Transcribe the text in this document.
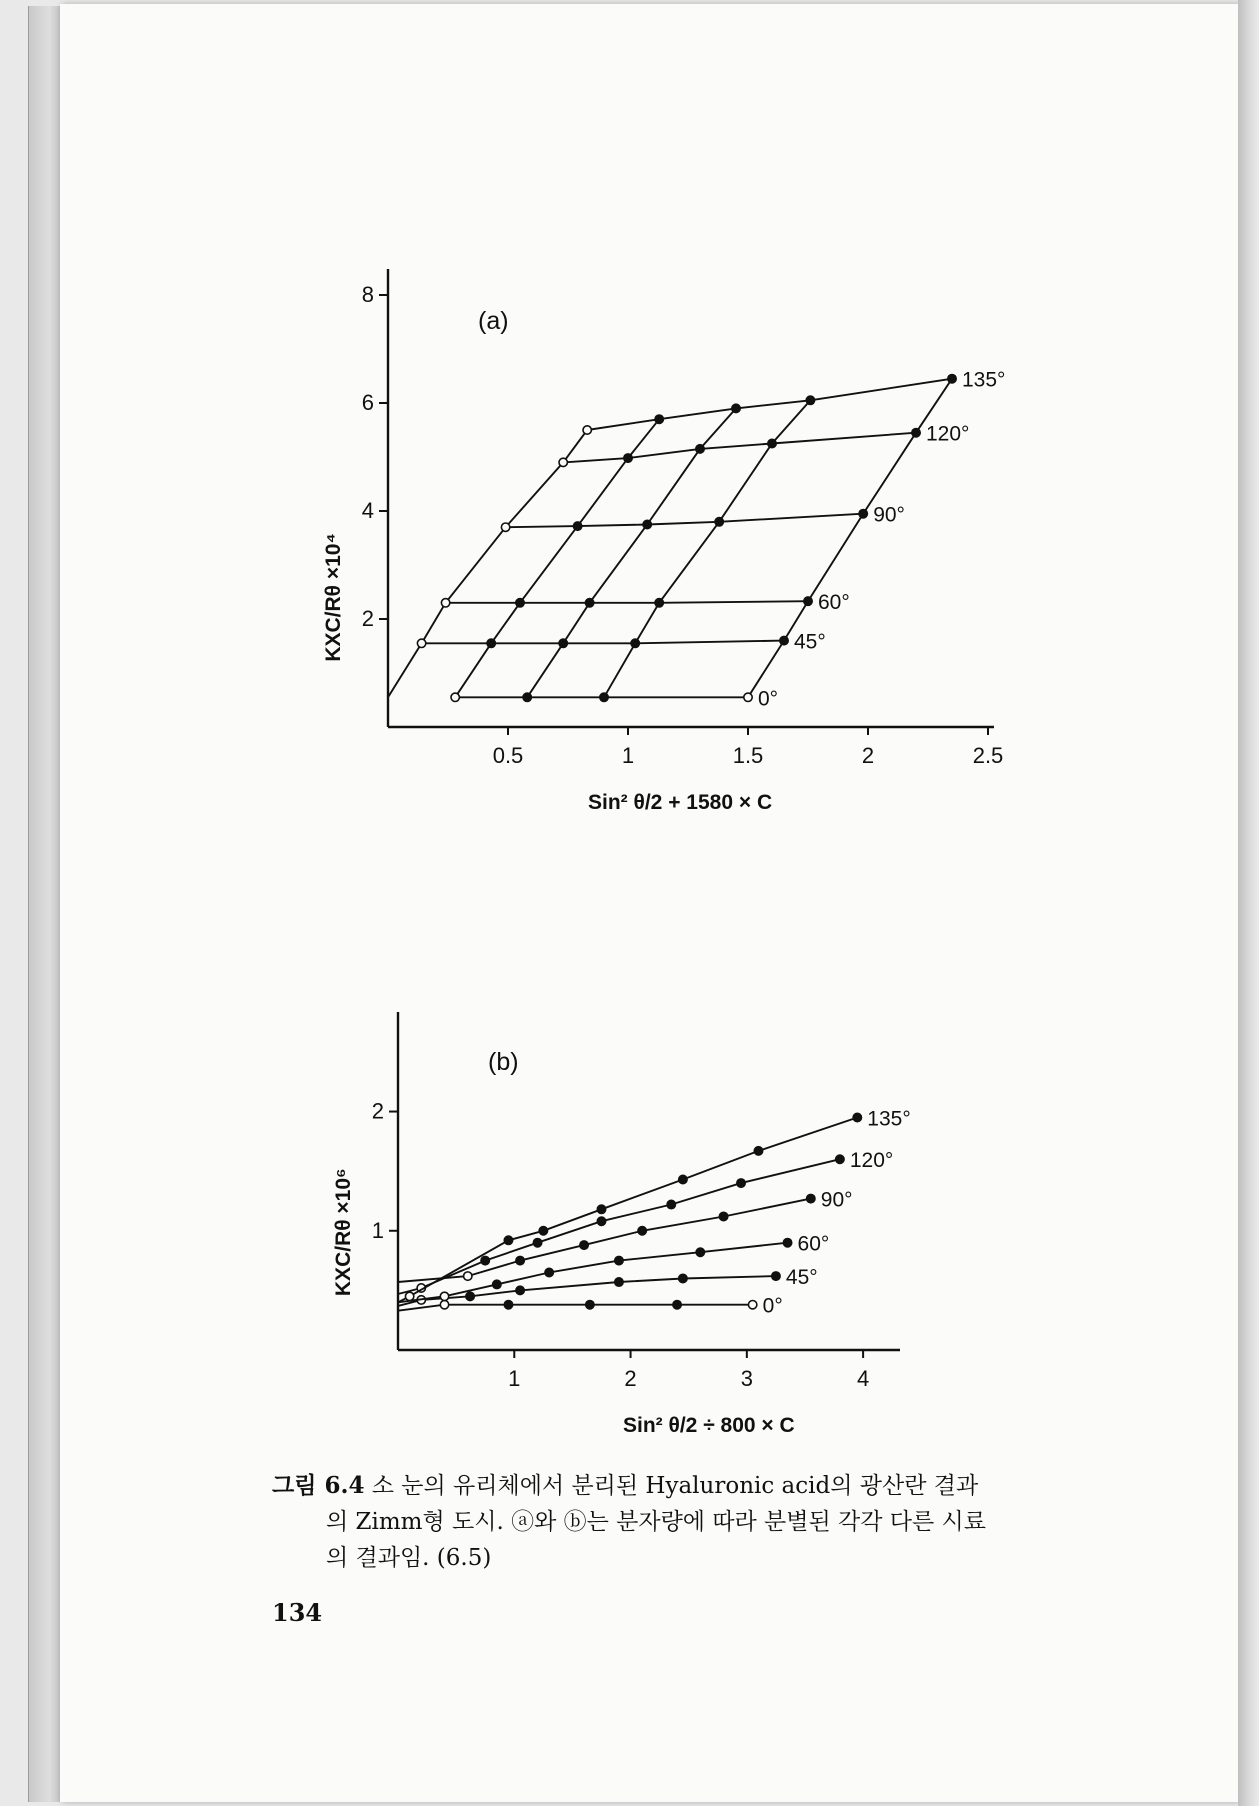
0.5	1	1.5	2	2.5
2
4
6
8
(a)
KXC/Rθ ×10⁴
Sin² θ/2 + 1580 × C
0°
45°
60°
90°
120°
135°
1	2	3	4
1
2
(b)
KXC/Rθ ×10⁶
Sin² θ/2 ÷ 800 × C
0°
45°
60°
90°
120°
135°
그림 6.4 소 눈의 유리체에서 분리된 Hyaluronic acid의 광산란 결과
의 Zimm형 도시. ⓐ와 ⓑ는 분자량에 따라 분별된 각각 다른 시료
의 결과임. (6.5)
134
